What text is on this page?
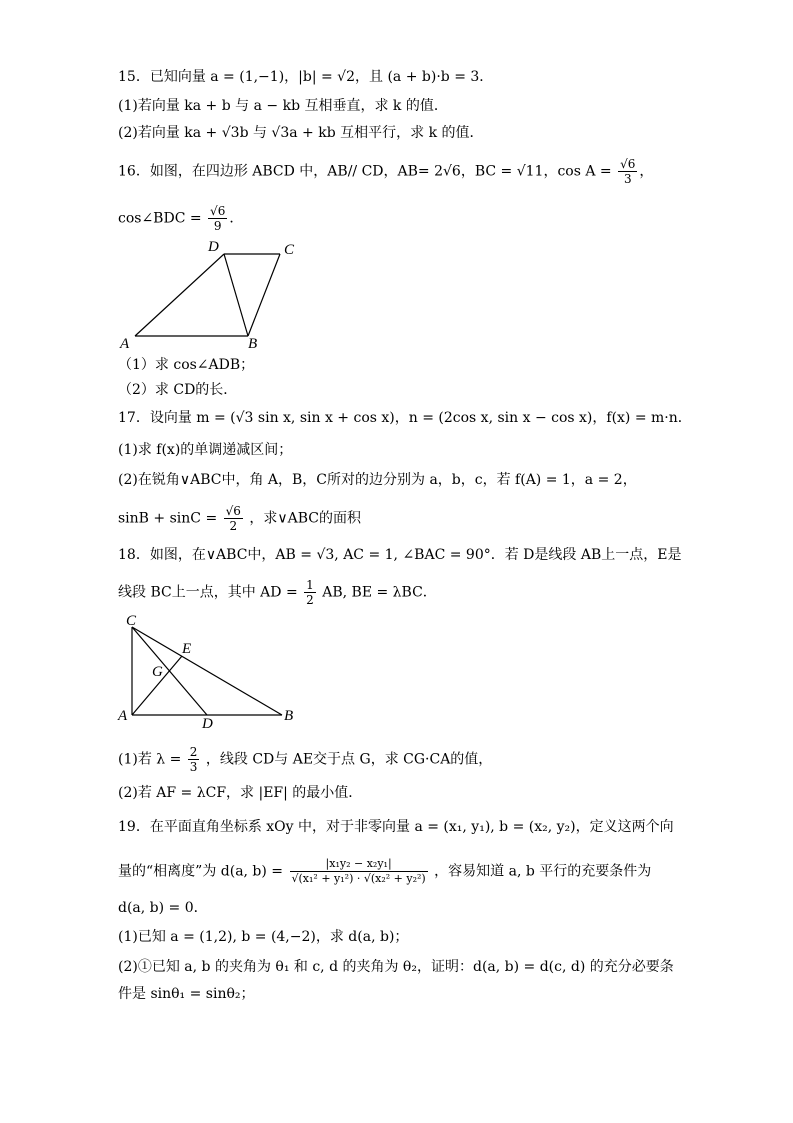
15．已知向量 a = (1,−1)，|b| = √2，且 (a + b)·b = 3．
(1)若向量 ka + b 与 a − kb 互相垂直，求 k 的值．
(2)若向量 ka + √3b 与 √3a + kb 互相平行，求 k 的值．
16．如图，在四边形 ABCD 中，AB// CD，AB= 2√6，BC = √11，$\cos A = \frac{√6}{3}$ ，
cos∠BDC = $\frac{√6}{9}$ ．
A	B
C
D
（1）求 cos∠ADB；
（2）求 CD的长．
17．设向量 m = (√3 sin x, sin x + cos x)，n = (2cos x, sin x − cos x)，f(x) = m·n．
(1)求 f(x)的单调递减区间；
(2)在锐角∨ABC中，角 A，B，C所对的边分别为 a，b，c，若 f(A) = 1，a = 2，
$\sin B + \sin C = \frac{√6}{2}$ ，求∨ABC的面积
18．如图，在∨ABC中，AB = √3, AC = 1, ∠BAC = 90°．若 D是线段 AB上一点，E是
线段 BC上一点，其中 AD = $\frac{1}{2}$ AB, BE = λBC．
C
E
G
A	D	B
(1)若 $\lambda = \frac{2}{3}$ ，线段 CD与 AE交于点 G，求 CG·CA的值，
(2)若 AF = λCF，求 |EF| 的最小值．
19．在平面直角坐标系 xOy 中，对于非零向量 a = (x₁, y₁), b = (x₂, y₂)，定义这两个向
量的“相离度”为 d(a, $b) = \frac{\text{|x₁y₂ − x₂y₁|}}{\text{√(x₁² + y₁²) · √(x₂² + y₂²)}}$ ，容易知道 a, b 平行的充要条件为
d(a, b) = 0．
(1)已知 a = (1,2), b = (4,−2)，求 d(a, b)；
(2)①已知 a, b 的夹角为 θ₁ 和 c, d 的夹角为 θ₂，证明：d(a, b) = d(c, d) 的充分必要条
件是 sinθ₁ = sinθ₂；
